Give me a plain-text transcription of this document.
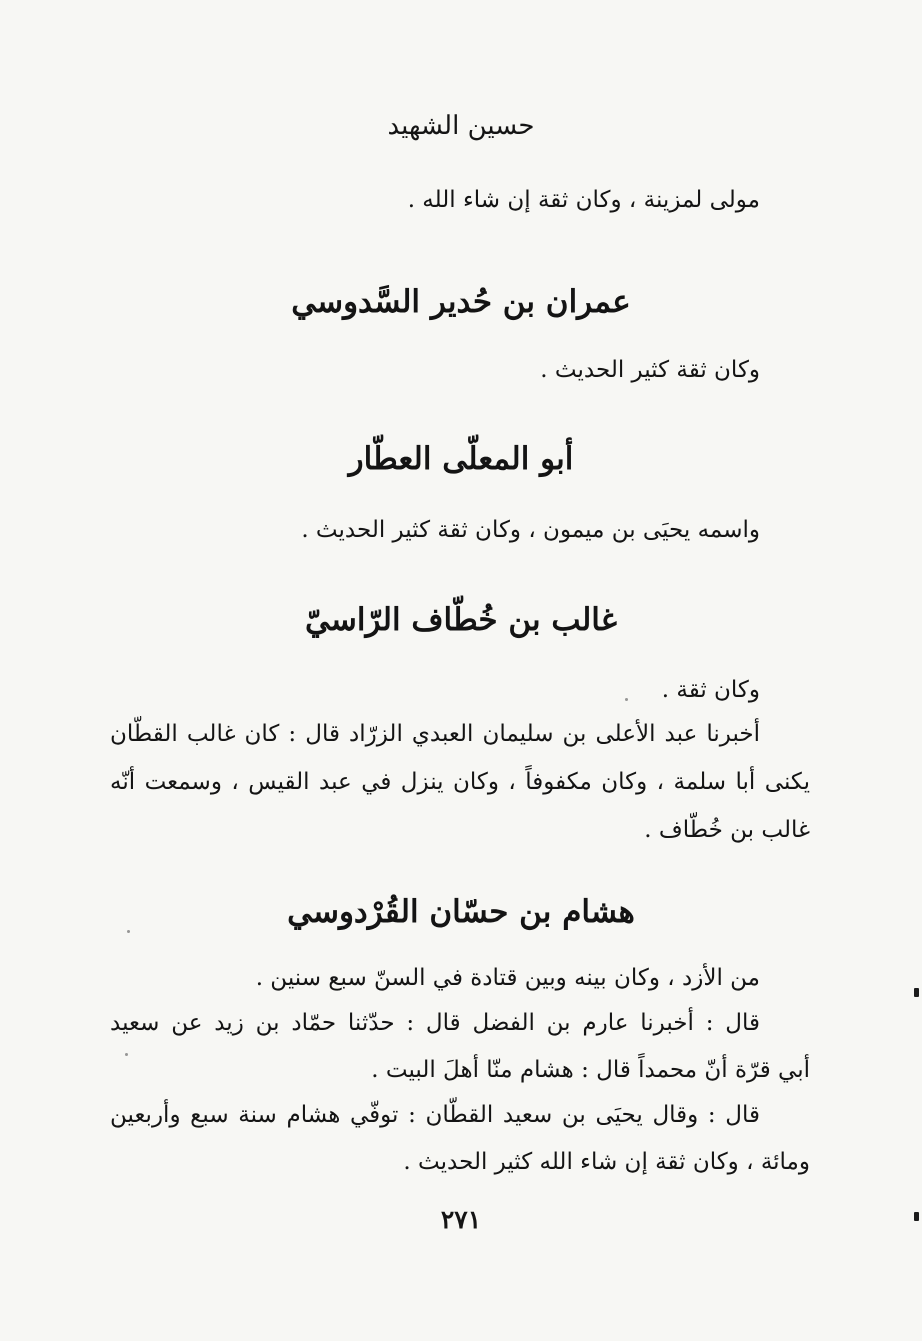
حسين الشهيد
مولى لمزينة ، وكان ثقة إن شاء الله .
عمران بن حُدير السَّدوسي
وكان ثقة كثير الحديث .
أبو المعلّى العطّار
واسمه يحيَى بن ميمون ، وكان ثقة كثير الحديث .
غالب بن خُطّاف الرّاسيّ
وكان ثقة .
أخبرنا عبد الأعلى بن سليمان العبدي الزرّاد قال : كان غالب القطّان
يكنى أبا سلمة ، وكان مكفوفاً ، وكان ينزل في عبد القيس ، وسمعت أنّه
غالب بن خُطّاف .
هشام بن حسّان القُرْدوسي
من الأزد ، وكان بينه وبين قتادة في السنّ سبع سنين .
قال : أخبرنا عارم بن الفضل قال : حدّثنا حمّاد بن زيد عن سعيد
أبي قرّة أنّ محمداً قال : هشام منّا أهلَ البيت .
قال : وقال يحيَى بن سعيد القطّان : توفّي هشام سنة سبع وأربعين
ومائة ، وكان ثقة إن شاء الله كثير الحديث .
٢٧١
